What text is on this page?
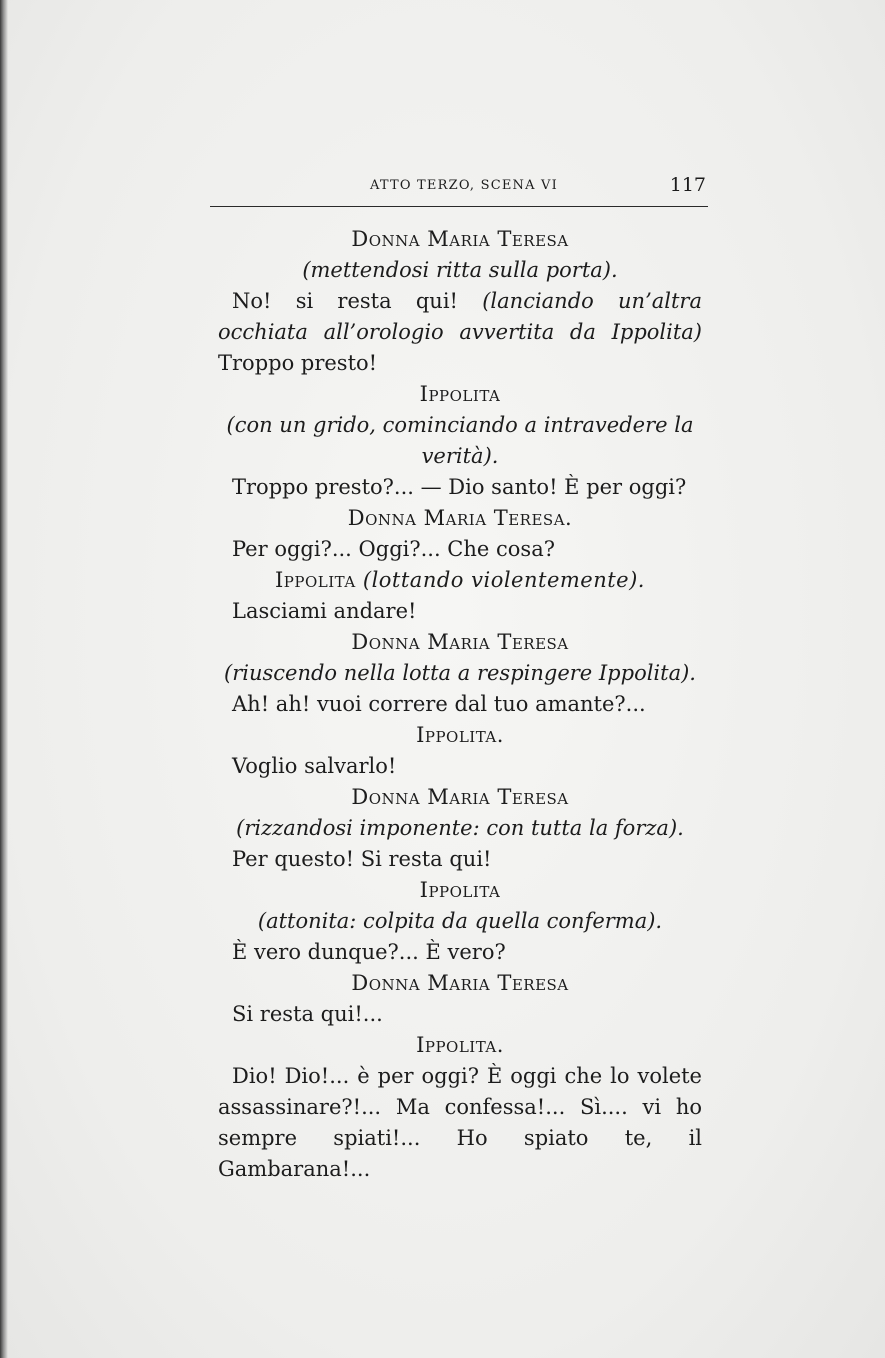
ATTO TERZO, SCENA VI	117

Donna Maria Teresa

(mettendosi ritta sulla porta).

No! si resta qui! (lanciando un’altra occhiata all’orologio avvertita da Ippolita) Troppo presto!

Ippolita

(con un grido, cominciando a intravedere la verità).

Troppo presto?... — Dio santo! È per oggi?

Donna Maria Teresa.

Per oggi?... Oggi?... Che cosa?

Ippolita (lottando violentemente).

Lasciami andare!

Donna Maria Teresa

(riuscendo nella lotta a respingere Ippolita).

Ah! ah! vuoi correre dal tuo amante?...

Ippolita.

Voglio salvarlo!

Donna Maria Teresa

(rizzandosi imponente: con tutta la forza).

Per questo! Si resta qui!

Ippolita

(attonita: colpita da quella conferma).

È vero dunque?... È vero?

Donna Maria Teresa

Si resta qui!...

Ippolita.

Dio! Dio!... è per oggi? È oggi che lo volete assassinare?!... Ma confessa!... Sì.... vi ho sempre spiati!... Ho spiato te, il Gambarana!...
